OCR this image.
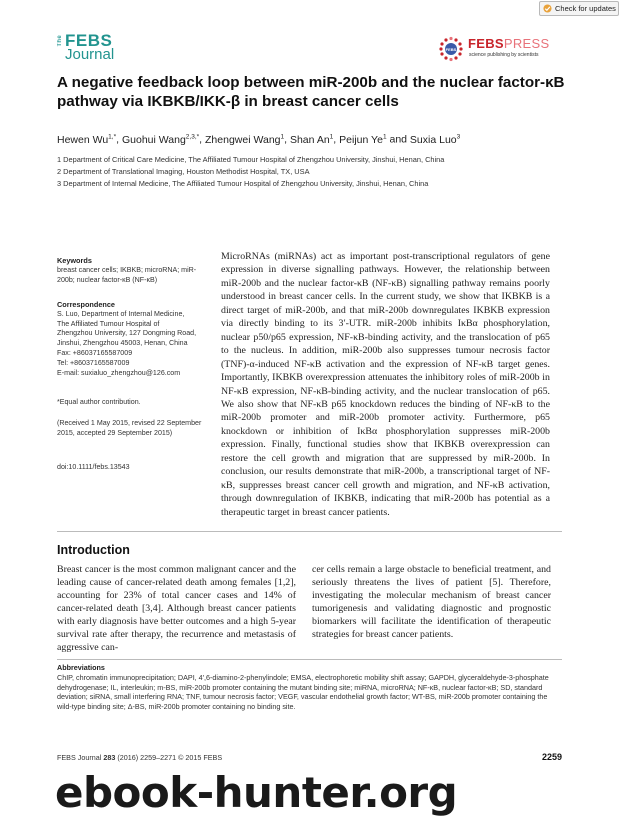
Check for updates
The FEBS
Journal	FEBS FEBSPRESS
science publishing by scientists
A negative feedback loop between miR-200b and the nuclear factor-κB pathway via IKBKB/IKK-β in breast cancer cells
Hewen $Wu^{1,*}$, Guohui Wang$^{2,3,*}$, Zhengwei Wang$^1$, Shan An$^1$, Peijun Ye$^1$ and Suxia Luo$^3$
1 Department of Critical Care Medicine, The Affiliated Tumour Hospital of Zhengzhou University, Jinshui, Henan, China
2 Department of Translational Imaging, Houston Methodist Hospital, TX, USA
3 Department of Internal Medicine, The Affiliated Tumour Hospital of Zhengzhou University, Jinshui, Henan, China
Keywords
breast cancer cells; IKBKB; microRNA; miR-200b; nuclear factor-κB (NF-κB)
Correspondence
S. Luo, Department of Internal Medicine,
The Affiliated Tumour Hospital of
Zhengzhou University, 127 Dongming Road,
Jinshui, Zhengzhou 45003, Henan, China
Fax: +86037165587009
Tel: +86037165587009
E-mail: suxialuo_zhengzhou@126.com
*Equal author contribution.
(Received 1 May 2015, revised 22 September 2015, accepted 29 September 2015)
doi:10.1111/febs.13543
MicroRNAs (miRNAs) act as important post-transcriptional regulators of gene expression in diverse signalling pathways. However, the relationship between miR-200b and the nuclear factor-κB (NF-κB) signalling pathway remains poorly understood in breast cancer cells. In the current study, we show that IKBKB is a direct target of miR-200b, and that miR-200b downregulates IKBKB expression via directly binding to its 3′-UTR. miR-200b inhibits IκBα phosphorylation, nuclear p50/p65 expression, NF-κB-binding activity, and the translocation of p65 to the nucleus. In addition, miR-200b also suppresses tumour necrosis factor (TNF)-α-induced NF-κB activation and the expression of NF-κB target genes. Importantly, IKBKB overexpression attenuates the inhibitory roles of miR-200b in NF-κB expression, NF-κB-binding activity, and the nuclear translocation of p65. We also show that NF-κB p65 knockdown reduces the binding of NF-κB to the miR-200b promoter and miR-200b promoter activity. Furthermore, p65 knockdown or inhibition of IκBα phosphorylation suppresses miR-200b expression. Finally, functional studies show that IKBKB overexpression can restore the cell growth and migration that are suppressed by miR-200b. In conclusion, our results demonstrate that miR-200b, a transcriptional target of NF-κB, suppresses breast cancer cell growth and migration, and NF-κB activation, through downregulation of IKBKB, indicating that miR-200b has potential as a therapeutic target in breast cancer patients.
Introduction
Breast cancer is the most common malignant cancer and the leading cause of cancer-related death among females [1,2], accounting for 23% of total cancer cases and 14% of cancer-related death [3,4]. Although breast cancer patients with early diagnosis have better outcomes and a high 5-year survival rate after therapy, the recurrence and metastasis of aggressive can-
cer cells remain a large obstacle to beneficial treatment, and seriously threatens the lives of patient [5]. Therefore, investigating the molecular mechanism of breast cancer tumorigenesis and validating diagnostic and prognostic biomarkers will facilitate the identification of therapeutic strategies for breast cancer patients.
Abbreviations
ChIP, chromatin immunoprecipitation; DAPI, 4′,6-diamino-2-phenylindole; EMSA, electrophoretic mobility shift assay; GAPDH, glyceraldehyde-3-phosphate dehydrogenase; IL, interleukin; m-BS, miR-200b promoter containing the mutant binding site; miRNA, microRNA; NF-κB, nuclear factor-κB; SD, standard deviation; siRNA, small interfering RNA; TNF, tumour necrosis factor; VEGF, vascular endothelial growth factor; WT-BS, miR-200b promoter containing the wild-type binding site; Δ-BS, miR-200b promoter containing no binding site.
FEBS Journal 283 (2016) 2259–2271 © 2015 FEBS	2259
ebook-hunter.org
